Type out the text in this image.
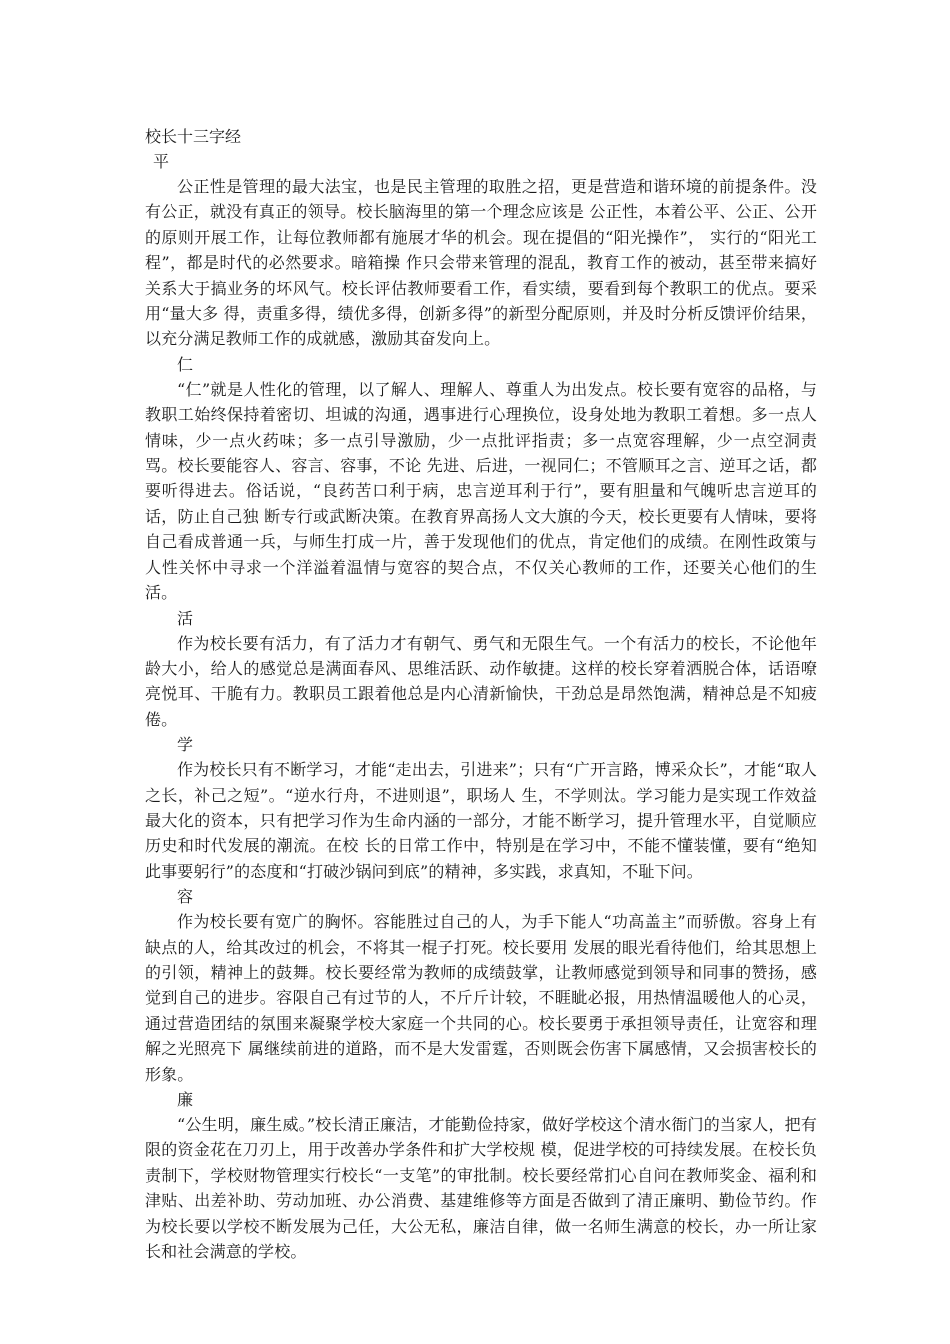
校长十三字经
平

公正性是管理的最大法宝，也是民主管理的取胜之招，更是营造和谐环境的前提条件。没有公正，就没有真正的领导。校长脑海里的第一个理念应该是 公正性，本着公平、公正、公开的原则开展工作，让每位教师都有施展才华的机会。现在提倡的“阳光操作”， 实行的“阳光工程”，都是时代的必然要求。暗箱操 作只会带来管理的混乱，教育工作的被动，甚至带来搞好关系大于搞业务的坏风气。校长评估教师要看工作，看实绩，要看到每个教职工的优点。要采用“量大多 得，责重多得，绩优多得，创新多得”的新型分配原则，并及时分析反馈评价结果，以充分满足教师工作的成就感，激励其奋发向上。

仁

“仁”就是人性化的管理，以了解人、理解人、尊重人为出发点。校长要有宽容的品格，与教职工始终保持着密切、坦诚的沟通，遇事进行心理换位，设身处地为教职工着想。多一点人情味，少一点火药味；多一点引导激励，少一点批评指责；多一点宽容理解，少一点空洞责骂。校长要能容人、容言、容事，不论 先进、后进，一视同仁；不管顺耳之言、逆耳之话，都要听得进去。俗话说，“良药苦口利于病，忠言逆耳利于行”，要有胆量和气魄听忠言逆耳的话，防止自己独 断专行或武断决策。在教育界高扬人文大旗的今天，校长更要有人情味，要将自己看成普通一兵，与师生打成一片，善于发现他们的优点，肯定他们的成绩。在刚性政策与人性关怀中寻求一个洋溢着温情与宽容的契合点，不仅关心教师的工作，还要关心他们的生活。

活

作为校长要有活力，有了活力才有朝气、勇气和无限生气。一个有活力的校长，不论他年龄大小，给人的感觉总是满面春风、思维活跃、动作敏捷。这样的校长穿着洒脱合体，话语嘹亮悦耳、干脆有力。教职员工跟着他总是内心清新愉快，干劲总是昂然饱满，精神总是不知疲倦。

学

作为校长只有不断学习，才能“走出去，引进来”；只有“广开言路，博采众长”，才能“取人之长，补己之短”。“逆水行舟，不进则退”，职场人 生，不学则汰。学习能力是实现工作效益最大化的资本，只有把学习作为生命内涵的一部分，才能不断学习，提升管理水平，自觉顺应历史和时代发展的潮流。在校 长的日常工作中，特别是在学习中，不能不懂装懂，要有“绝知此事要躬行”的态度和“打破沙锅问到底”的精神，多实践，求真知，不耻下问。

容

作为校长要有宽广的胸怀。容能胜过自己的人，为手下能人“功高盖主”而骄傲。容身上有缺点的人，给其改过的机会，不将其一棍子打死。校长要用 发展的眼光看待他们，给其思想上的引领，精神上的鼓舞。校长要经常为教师的成绩鼓掌，让教师感觉到领导和同事的赞扬，感觉到自己的进步。容限自己有过节的人，不斤斤计较，不睚眦必报，用热情温暖他人的心灵，通过营造团结的氛围来凝聚学校大家庭一个共同的心。校长要勇于承担领导责任，让宽容和理解之光照亮下 属继续前进的道路，而不是大发雷霆，否则既会伤害下属感情，又会损害校长的形象。

廉

“公生明，廉生威。”校长清正廉洁，才能勤俭持家，做好学校这个清水衙门的当家人，把有限的资金花在刀刃上，用于改善办学条件和扩大学校规 模，促进学校的可持续发展。在校长负责制下，学校财物管理实行校长“一支笔”的审批制。校长要经常扪心自问在教师奖金、福利和津贴、出差补助、劳动加班、办公消费、基建维修等方面是否做到了清正廉明、勤俭节约。作为校长要以学校不断发展为己任，大公无私，廉洁自律，做一名师生满意的校长，办一所让家长和社会满意的学校。
